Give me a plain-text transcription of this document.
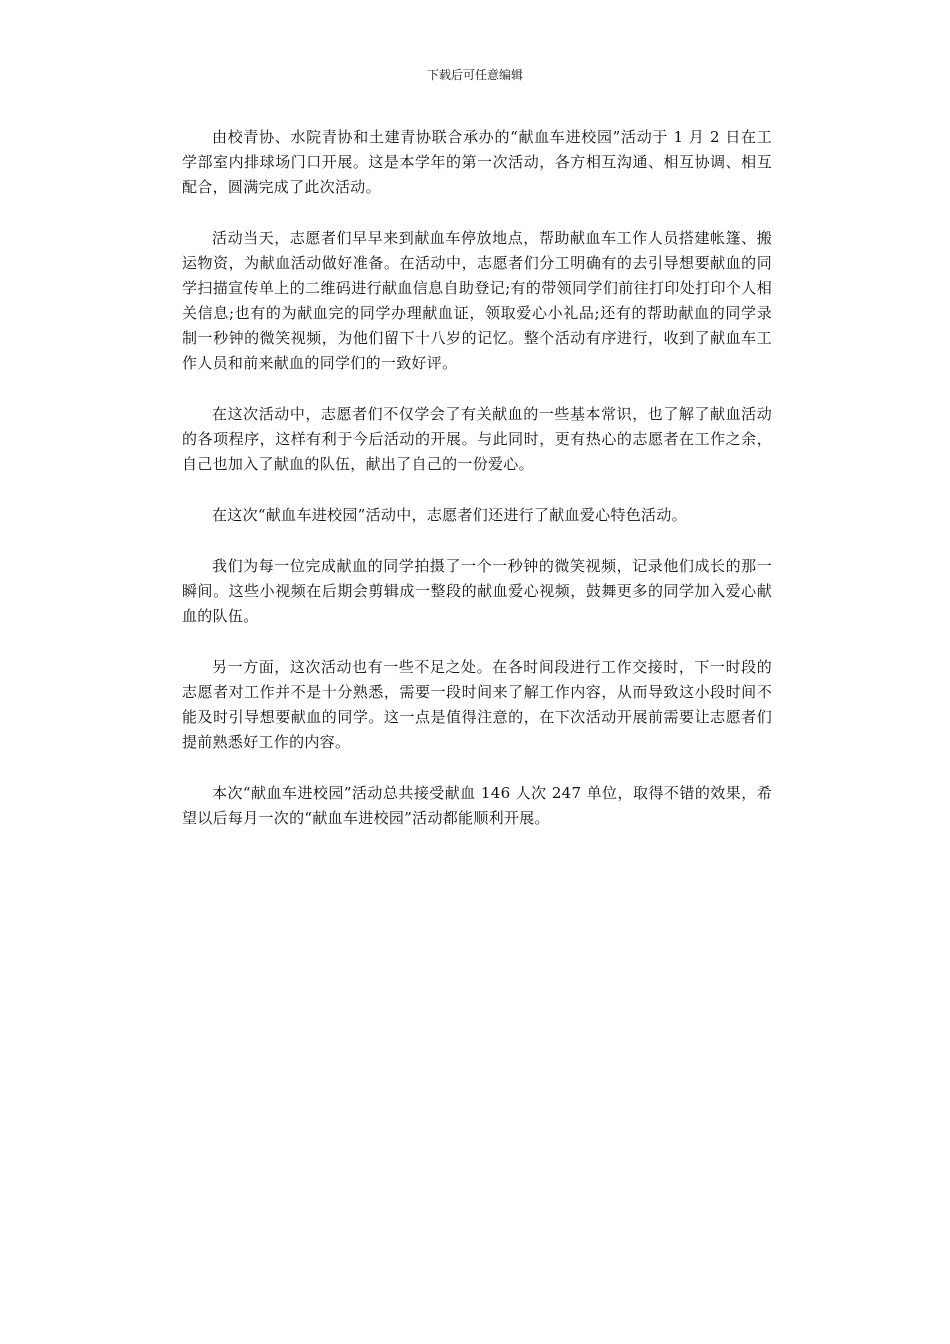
下载后可任意编辑

由校青协、水院青协和土建青协联合承办的“献血车进校园”活动于 1 月 2 日在工学部室内排球场门口开展。这是本学年的第一次活动，各方相互沟通、相互协调、相互配合，圆满完成了此次活动。

活动当天，志愿者们早早来到献血车停放地点，帮助献血车工作人员搭建帐篷、搬运物资，为献血活动做好准备。在活动中，志愿者们分工明确有的去引导想要献血的同学扫描宣传单上的二维码进行献血信息自助登记;有的带领同学们前往打印处打印个人相关信息;也有的为献血完的同学办理献血证，领取爱心小礼品;还有的帮助献血的同学录制一秒钟的微笑视频，为他们留下十八岁的记忆。整个活动有序进行，收到了献血车工作人员和前来献血的同学们的一致好评。

在这次活动中，志愿者们不仅学会了有关献血的一些基本常识，也了解了献血活动的各项程序，这样有利于今后活动的开展。与此同时，更有热心的志愿者在工作之余，自己也加入了献血的队伍，献出了自己的一份爱心。

在这次“献血车进校园”活动中，志愿者们还进行了献血爱心特色活动。

我们为每一位完成献血的同学拍摄了一个一秒钟的微笑视频，记录他们成长的那一瞬间。这些小视频在后期会剪辑成一整段的献血爱心视频，鼓舞更多的同学加入爱心献血的队伍。

另一方面，这次活动也有一些不足之处。在各时间段进行工作交接时，下一时段的志愿者对工作并不是十分熟悉，需要一段时间来了解工作内容，从而导致这小段时间不能及时引导想要献血的同学。这一点是值得注意的，在下次活动开展前需要让志愿者们提前熟悉好工作的内容。

本次“献血车进校园”活动总共接受献血 146 人次 247 单位，取得不错的效果，希望以后每月一次的“献血车进校园”活动都能顺利开展。
